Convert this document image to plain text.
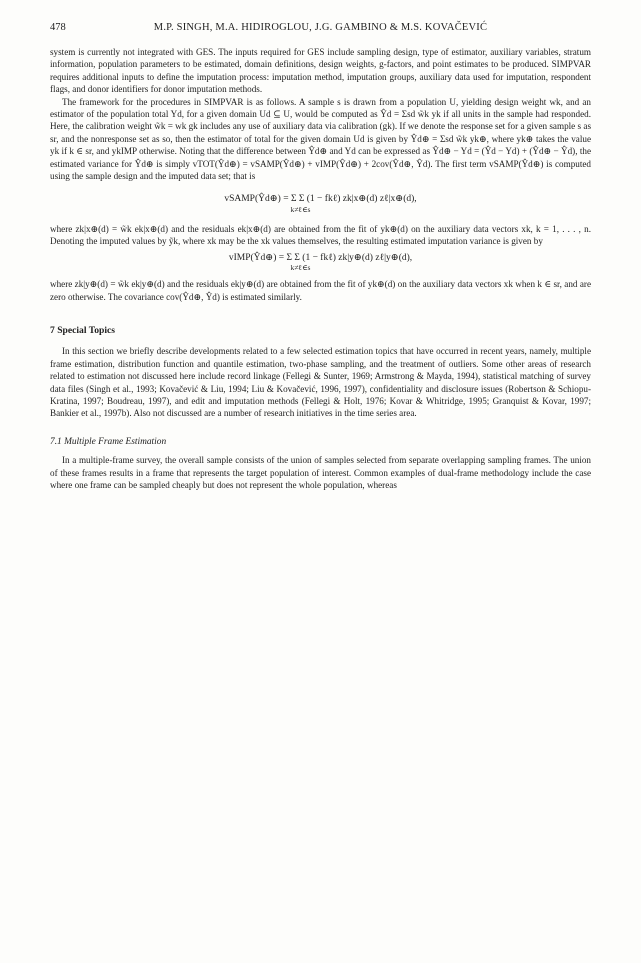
478	M.P. SINGH, M.A. HIDIROGLOU, J.G. GAMBINO & M.S. KOVAČEVIĆ

system is currently not integrated with GES. The inputs required for GES include sampling design, type of estimator, auxiliary variables, stratum information, population parameters to be estimated, domain definitions, design weights, g-factors, and point estimates to be produced. SIMPVAR requires additional inputs to define the imputation process: imputation method, imputation groups, auxiliary data used for imputation, respondent flags, and donor identifiers for donor imputation methods.

The framework for the procedures in SIMPVAR is as follows. A sample s is drawn from a population U, yielding design weight wk, and an estimator of the population total Yd, for a given domain Ud ⊆ U, would be computed as Ŷd = Σsd w̃k yk if all units in the sample had responded. Here, the calibration weight w̃k = wk gk includes any use of auxiliary data via calibration (gk). If we denote the response set for a given sample s as sr, and the nonresponse set as so, then the estimator of total for the given domain Ud is given by Ŷd⊕ = Σsd w̃k yk⊕, where yk⊕ takes the value yk if k ∈ sr, and ykIMP otherwise. Noting that the difference between Ŷd⊕ and Yd can be expressed as Ŷd⊕ − Yd = (Ŷd − Yd) + (Ŷd⊕ − Ŷd), the estimated variance for Ŷd⊕ is simply vTOT(Ŷd⊕) = vSAMP(Ŷd⊕) + vIMP(Ŷd⊕) + 2cov(Ŷd⊕, Ŷd). The first term vSAMP(Ŷd⊕) is computed using the sample design and the imputed data set; that is

vSAMP(Ŷd⊕) = Σ Σ (1 − fkℓ) zk|x⊕(d) zℓ|x⊕(d),
k≠ℓ∈s

where zk|x⊕(d) = w̃k ek|x⊕(d) and the residuals ek|x⊕(d) are obtained from the fit of yk⊕(d) on the auxiliary data vectors xk, k = 1, . . . , n. Denoting the imputed values by ỹk, where xk may be the xk values themselves, the resulting estimated imputation variance is given by

vIMP(Ŷd⊕) = Σ Σ (1 − fkℓ) zk|y⊕(d) zℓ|y⊕(d),
k≠ℓ∈s

where zk|y⊕(d) = w̃k ek|y⊕(d) and the residuals ek|y⊕(d) are obtained from the fit of yk⊕(d) on the auxiliary data vectors xk when k ∈ sr, and are zero otherwise. The covariance cov(Ŷd⊕, Ŷd) is estimated similarly.

7 Special Topics

In this section we briefly describe developments related to a few selected estimation topics that have occurred in recent years, namely, multiple frame estimation, distribution function and quantile estimation, two-phase sampling, and the treatment of outliers. Some other areas of research related to estimation not discussed here include record linkage (Fellegi & Sunter, 1969; Armstrong & Mayda, 1994), statistical matching of survey data files (Singh et al., 1993; Kovačević & Liu, 1994; Liu & Kovačević, 1996, 1997), confidentiality and disclosure issues (Robertson & Schiopu-Kratina, 1997; Boudreau, 1997), and edit and imputation methods (Fellegi & Holt, 1976; Kovar & Whitridge, 1995; Granquist & Kovar, 1997; Bankier et al., 1997b). Also not discussed are a number of research initiatives in the time series area.

7.1 Multiple Frame Estimation

In a multiple-frame survey, the overall sample consists of the union of samples selected from separate overlapping sampling frames. The union of these frames results in a frame that represents the target population of interest. Common examples of dual-frame methodology include the case where one frame can be sampled cheaply but does not represent the whole population, whereas
